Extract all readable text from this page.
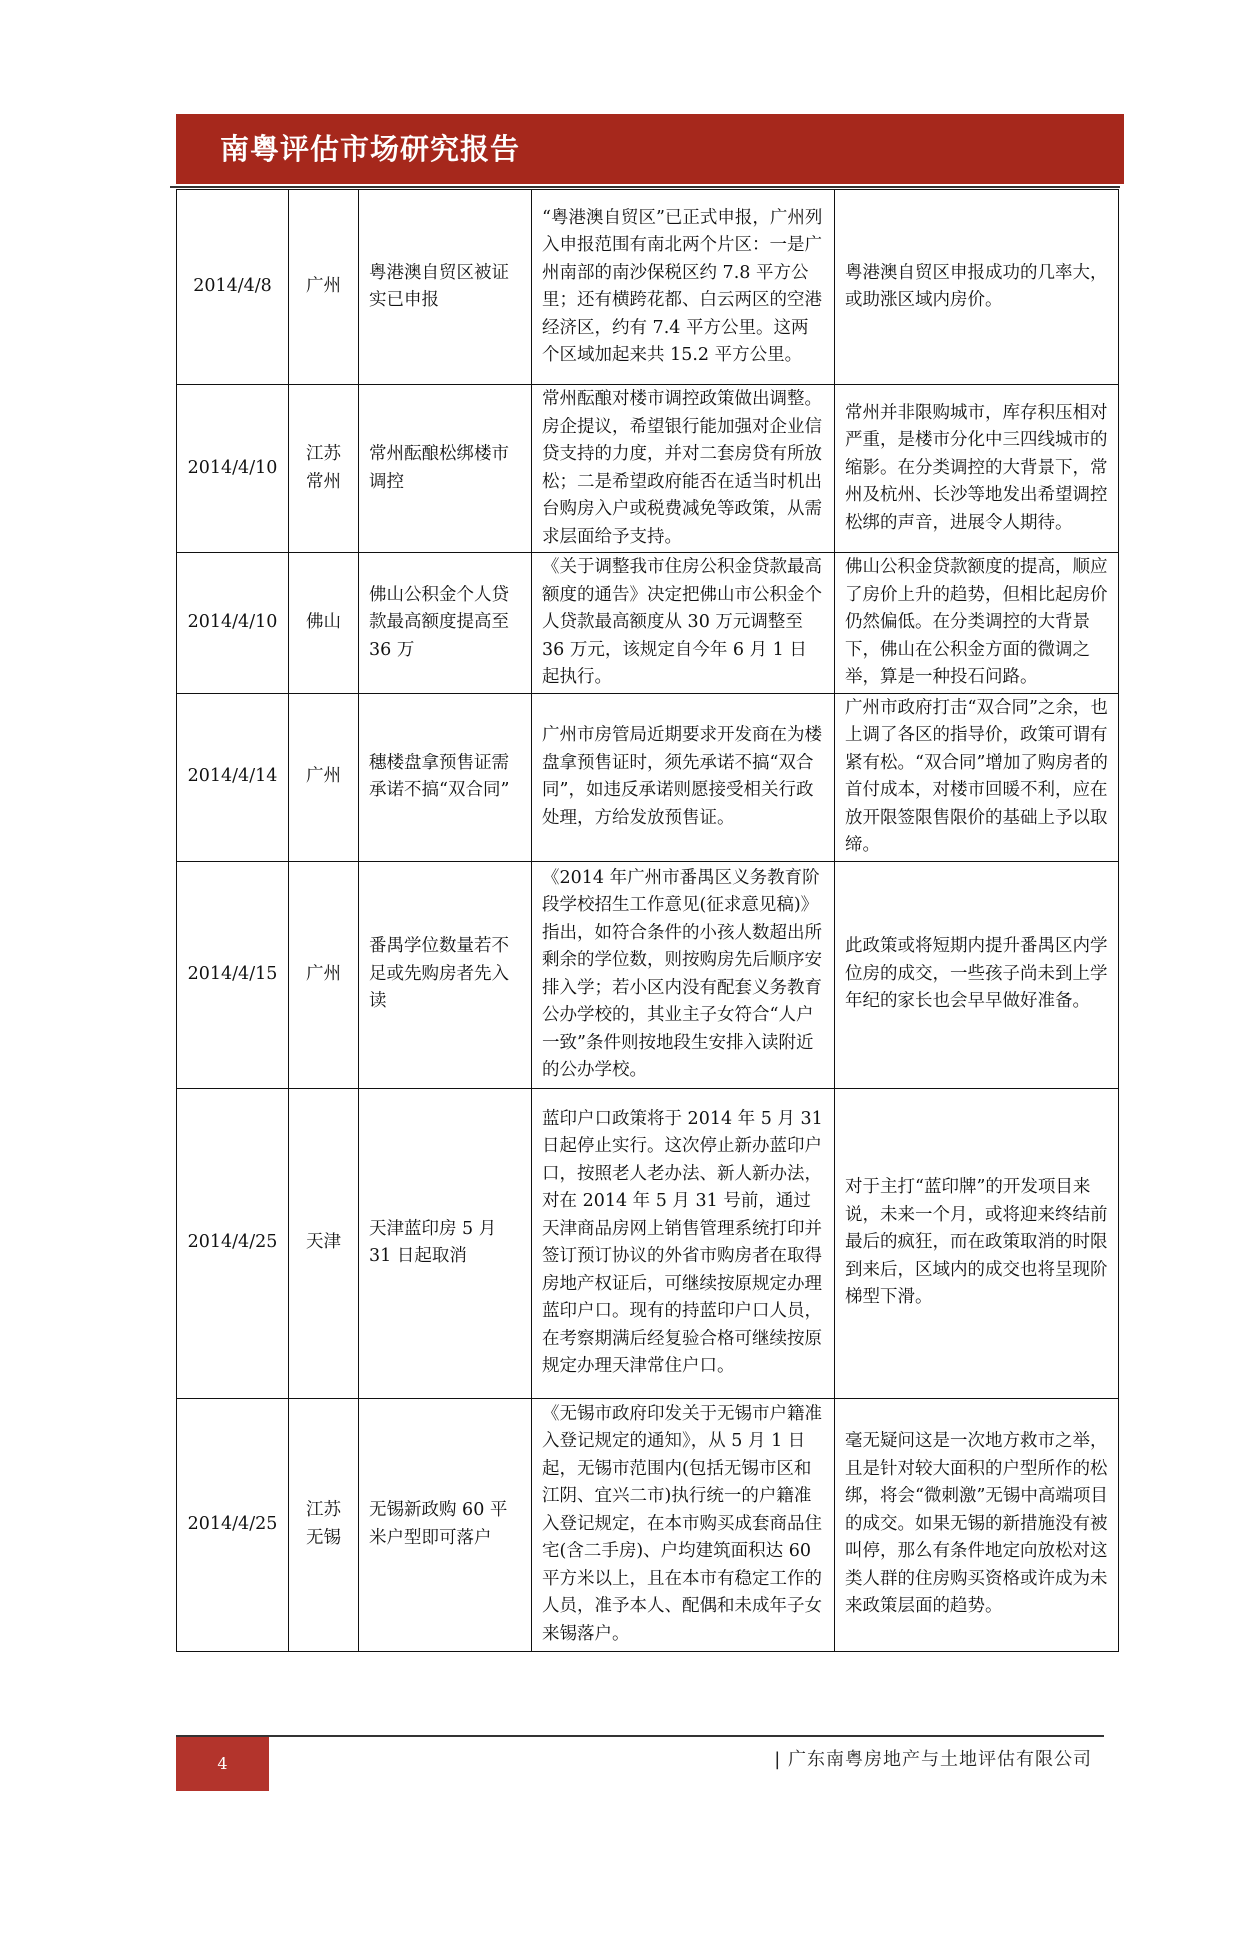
南粤评估市场研究报告
2014/4/8	广州	粤港澳自贸区被证实已申报	“粤港澳自贸区”已正式申报，广州列入申报范围有南北两个片区：一是广州南部的南沙保税区约 7.8 平方公里；还有横跨花都、白云两区的空港经济区，约有 7.4 平方公里。这两个区域加起来共 15.2 平方公里。	粤港澳自贸区申报成功的几率大，或助涨区域内房价。
2014/4/10	江苏常州	常州酝酿松绑楼市调控	常州酝酿对楼市调控政策做出调整。房企提议，希望银行能加强对企业信贷支持的力度，并对二套房贷有所放松；二是希望政府能否在适当时机出台购房入户或税费减免等政策，从需求层面给予支持。	常州并非限购城市，库存积压相对严重，是楼市分化中三四线城市的缩影。在分类调控的大背景下，常州及杭州、长沙等地发出希望调控松绑的声音，进展令人期待。
2014/4/10	佛山	佛山公积金个人贷款最高额度提高至 36 万	《关于调整我市住房公积金贷款最高额度的通告》决定把佛山市公积金个人贷款最高额度从 30 万元调整至 36 万元，该规定自今年 6 月 1 日起执行。	佛山公积金贷款额度的提高，顺应了房价上升的趋势，但相比起房价仍然偏低。在分类调控的大背景下，佛山在公积金方面的微调之举，算是一种投石问路。
2014/4/14	广州	穗楼盘拿预售证需承诺不搞“双合同”	广州市房管局近期要求开发商在为楼盘拿预售证时，须先承诺不搞“双合同”，如违反承诺则愿接受相关行政处理，方给发放预售证。	广州市政府打击“双合同”之余，也上调了各区的指导价，政策可谓有紧有松。“双合同”增加了购房者的首付成本，对楼市回暖不利，应在放开限签限售限价的基础上予以取缔。
2014/4/15	广州	番禺学位数量若不足或先购房者先入读	《2014 年广州市番禺区义务教育阶段学校招生工作意见(征求意见稿)》指出，如符合条件的小孩人数超出所剩余的学位数，则按购房先后顺序安排入学；若小区内没有配套义务教育公办学校的，其业主子女符合“人户一致”条件则按地段生安排入读附近的公办学校。	此政策或将短期内提升番禺区内学位房的成交，一些孩子尚未到上学年纪的家长也会早早做好准备。
2014/4/25	天津	天津蓝印房 5 月 31 日起取消	蓝印户口政策将于 2014 年 5 月 31 日起停止实行。这次停止新办蓝印户口，按照老人老办法、新人新办法，对在 2014 年 5 月 31 号前，通过天津商品房网上销售管理系统打印并签订预订协议的外省市购房者在取得房地产权证后，可继续按原规定办理蓝印户口。现有的持蓝印户口人员，在考察期满后经复验合格可继续按原规定办理天津常住户口。	对于主打“蓝印牌”的开发项目来说，未来一个月，或将迎来终结前最后的疯狂，而在政策取消的时限到来后，区域内的成交也将呈现阶梯型下滑。
2014/4/25	江苏无锡	无锡新政购 60 平米户型即可落户	《无锡市政府印发关于无锡市户籍准入登记规定的通知》，从 5 月 1 日起，无锡市范围内(包括无锡市区和江阴、宜兴二市)执行统一的户籍准入登记规定，在本市购买成套商品住宅(含二手房)、户均建筑面积达 60 平方米以上，且在本市有稳定工作的人员，准予本人、配偶和未成年子女来锡落户。	毫无疑问这是一次地方救市之举，且是针对较大面积的户型所作的松绑，将会“微刺激”无锡中高端项目的成交。如果无锡的新措施没有被叫停，那么有条件地定向放松对这类人群的住房购买资格或许成为未来政策层面的趋势。
4	| 广东南粤房地产与土地评估有限公司
